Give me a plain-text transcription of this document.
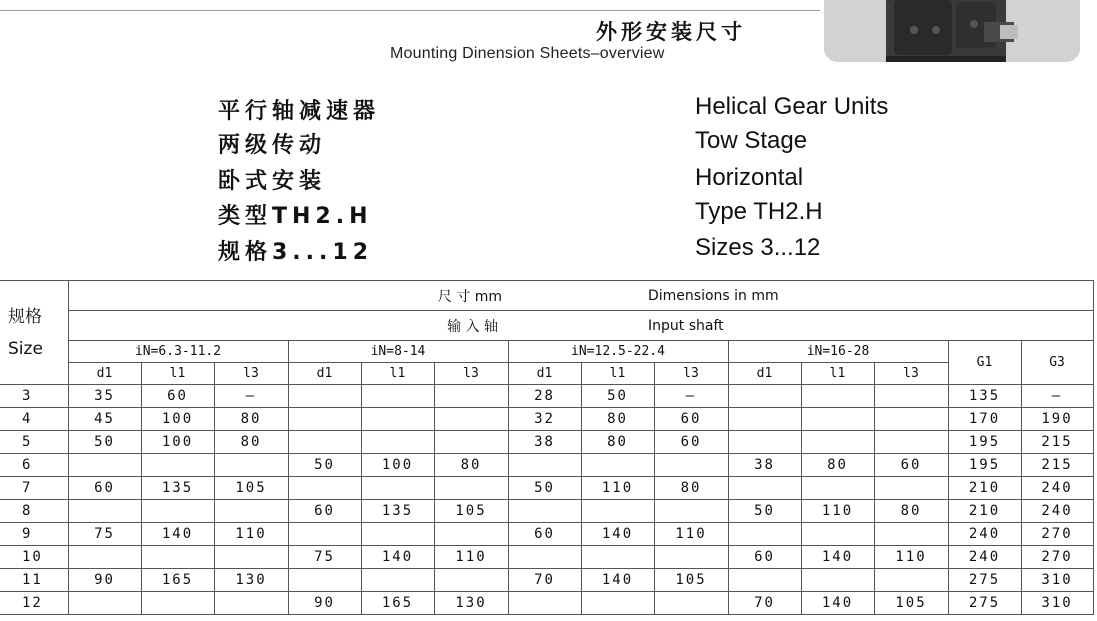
外形安装尺寸
Mounting Dinension Sheets–overview
平行轴减速器
两级传动
卧式安装
类型TH2.H
规格3...12
Helical Gear Units
Tow Stage
Horizontal
Type TH2.H
Sizes 3...12
规格
Size	尺 寸 mm						Dimensions in mm							
	输 入 轴						Input shaft							
	iN=6.3-11.2			iN=8-14			iN=12.5-22.4			iN=16-28			G1	G3
	d1	l1	l3	d1	l1	l3	d1	l1	l3	d1	l1	l3		
3	35	60	–				28	50	–				135	–
4	45	100	80				32	80	60				170	190
5	50	100	80				38	80	60				195	215
6				50	100	80				38	80	60	195	215
7	60	135	105				50	110	80				210	240
8				60	135	105				50	110	80	210	240
9	75	140	110				60	140	110				240	270
10				75	140	110				60	140	110	240	270
11	90	165	130				70	140	105				275	310
12				90	165	130				70	140	105	275	310
